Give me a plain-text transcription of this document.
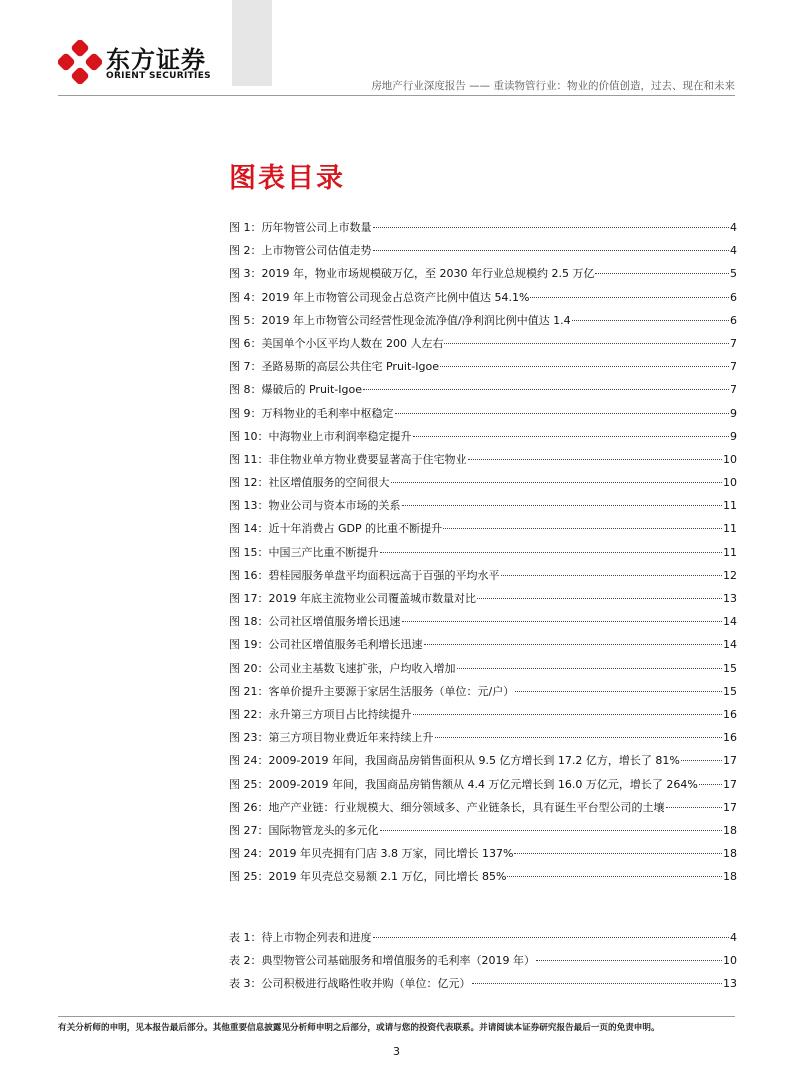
东方证券
ORIENT SECURITIES
房地产行业深度报告 —— 重读物管行业：物业的价值创造，过去、现在和未来
图表目录
图 1：历年物管公司上市数量	4
图 2：上市物管公司估值走势	4
图 3：2019 年，物业市场规模破万亿，至 2030 年行业总规模约 2.5 万亿	5
图 4：2019 年上市物管公司现金占总资产比例中值达 54.1%	6
图 5：2019 年上市物管公司经营性现金流净值/净利润比例中值达 1.4	6
图 6：美国单个小区平均人数在 200 人左右	7
图 7：圣路易斯的高层公共住宅 Pruit-Igoe	7
图 8：爆破后的 Pruit-Igoe	7
图 9：万科物业的毛利率中枢稳定	9
图 10：中海物业上市利润率稳定提升	9
图 11：非住物业单方物业费要显著高于住宅物业	10
图 12：社区增值服务的空间很大	10
图 13：物业公司与资本市场的关系	11
图 14：近十年消费占 GDP 的比重不断提升	11
图 15：中国三产比重不断提升	11
图 16：碧桂园服务单盘平均面积远高于百强的平均水平	12
图 17：2019 年底主流物业公司覆盖城市数量对比	13
图 18：公司社区增值服务增长迅速	14
图 19：公司社区增值服务毛利增长迅速	14
图 20：公司业主基数飞速扩张，户均收入增加	15
图 21：客单价提升主要源于家居生活服务（单位：元/户）	15
图 22：永升第三方项目占比持续提升	16
图 23：第三方项目物业费近年来持续上升	16
图 24：2009-2019 年间，我国商品房销售面积从 9.5 亿方增长到 17.2 亿方，增长了 81%	17
图 25：2009-2019 年间，我国商品房销售额从 4.4 万亿元增长到 16.0 万亿元，增长了 264% 17
图 26：地产产业链：行业规模大、细分领域多、产业链条长，具有诞生平台型公司的土壤	17
图 27：国际物管龙头的多元化	18
图 24：2019 年贝壳拥有门店 3.8 万家，同比增长 137%	18
图 25：2019 年贝壳总交易额 2.1 万亿，同比增长 85%	18
表 1：待上市物企列表和进度	4
表 2：典型物管公司基础服务和增值服务的毛利率（2019 年）	10
表 3：公司积极进行战略性收并购（单位：亿元）	13

有关分析师的申明，见本报告最后部分。其他重要信息披露见分析师申明之后部分，或请与您的投资代表联系。并请阅读本证券研究报告最后一页的免责申明。

3
